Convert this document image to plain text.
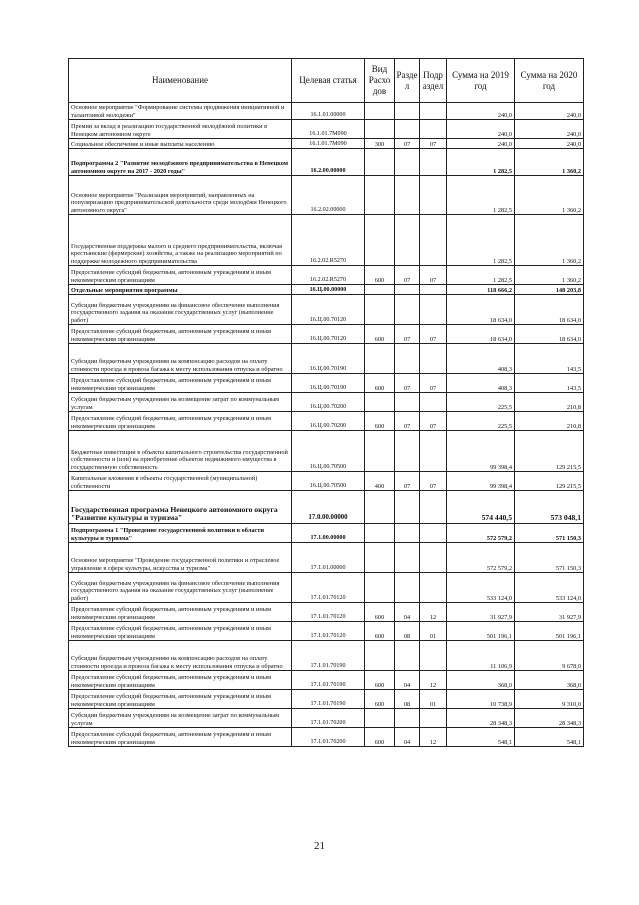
Наименование	Целевая статья	Вид Расхо дов	Разде л	Подр аздел	Сумма на 2019 год	Сумма на 2020 год
Основное мероприятие "Формирование системы продвижения инициативной и талантливой молодежи"	16.1.01.00000				240,0	240,0
Премии за вклад в реализацию государственной молодёжной политики в Ненецком автономном округе	16.1.01.7М090				240,0	240,0
Социальное обеспечение и иные выплаты населению	16.1.01.7М090	300	07	07	240,0	240,0
Подпрограмма 2 "Развитие молодёжного предпринимательства в Ненецком автономном округе на 2017 - 2020 годы"	16.2.00.00000				1 282,5	1 360,2
Основное мероприятие "Реализация мероприятий, направленных на популяризацию предпринимательской деятельности среди молодёжи Ненецкого автономного округа"	16.2.02.00000				1 282,5	1 360,2
Государственная поддержка малого и среднего предпринимательства, включая крестьянские (фермерские) хозяйства, а также на реализацию мероприятий по поддержке молодежного предпринимательства	16.2.02.R5270				1 282,5	1 360,2
Предоставление субсидий бюджетным, автономным учреждениям и иным некоммерческим организациям	16.2.02.R5270	600	07	07	1 282,5	1 360,2
Отдельные мероприятия программы	16.Ц.00.00000				118 666,2	148 203,8
Субсидии бюджетным учреждениям на финансовое обеспечение выполнения государственного задания на оказание государственных услуг (выполнение работ)	16.Ц.00.70120				18 634,0	18 634,0
Предоставление субсидий бюджетным, автономным учреждениям и иным некоммерческим организациям	16.Ц.00.70120	600	07	07	18 634,0	18 634,0
Субсидии бюджетным учреждениям на компенсацию расходов на оплату стоимости проезда и провоза багажа к месту использования отпуска и обратно	16.Ц.00.70190				408,3	143,5
Предоставление субсидий бюджетным, автономным учреждениям и иным некоммерческим организациям	16.Ц.00.70190	600	07	07	408,3	143,5
Субсидии бюджетным учреждениям на возмещение затрат по коммунальным услугам	16.Ц.00.70200				225,5	210,8
Предоставление субсидий бюджетным, автономным учреждениям и иным некоммерческим организациям	16.Ц.00.70200	600	07	07	225,5	210,8
Бюджетные инвестиции в объекты капитального строительства государственной собственности и (или) на приобретение объектов недвижимого имущества в государственную собственность	16.Ц.00.70500				99 398,4	129 215,5
Капитальные вложения в объекты государственной (муниципальной) собственности	16.Ц.00.70500	400	07	07	99 398,4	129 215,5
Государственная программа Ненецкого автономного округа "Развитие культуры и туризма"	17.0.00.00000				574 440,5	573 048,1
Подпрограмма 1 "Проведение государственной политики в области культуры и туризма"	17.1.00.00000				572 579,2	571 150,3
Основное мероприятие "Проведение государственной политики и отраслевое управление в сфере культуры, искусства и туризма"	17.1.01.00000				572 579,2	571 150,3
Субсидии бюджетным учреждениям на финансовое обеспечение выполнения государственного задания на оказание государственных услуг (выполнение работ)	17.1.01.70120				533 124,0	533 124,0
Предоставление субсидий бюджетным, автономным учреждениям и иным некоммерческим организациям	17.1.01.70120	600	04	12	31 927,9	31 927,9
Предоставление субсидий бюджетным, автономным учреждениям и иным некоммерческим организациям	17.1.01.70120	600	08	01	501 196,1	501 196,1
Субсидии бюджетным учреждениям на компенсацию расходов на оплату стоимости проезда и провоза багажа к месту использования отпуска и обратно	17.1.01.70190				11 106,9	9 678,0
Предоставление субсидий бюджетным, автономным учреждениям и иным некоммерческим организациям	17.1.01.70190	600	04	12	368,0	368,0
Предоставление субсидий бюджетным, автономным учреждениям и иным некоммерческим организациям	17.1.01.70190	600	08	01	10 738,9	9 310,0
Субсидии бюджетным учреждениям на возмещение затрат по коммунальным услугам	17.1.01.70200				28 348,3	28 348,3
Предоставление субсидий бюджетным, автономным учреждениям и иным некоммерческим организациям	17.1.01.70200	600	04	12	548,1	548,1
21
